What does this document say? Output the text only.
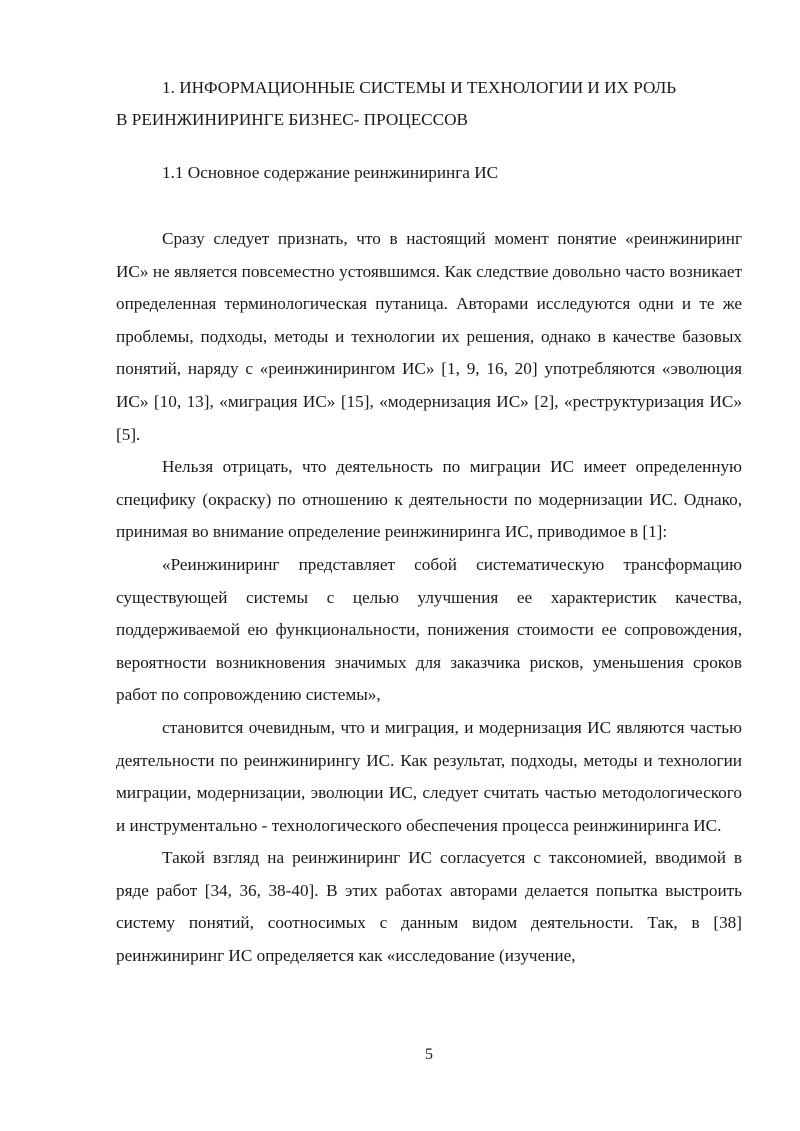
1. ИНФОРМАЦИОННЫЕ СИСТЕМЫ И ТЕХНОЛОГИИ И ИХ РОЛЬ
В РЕИНЖИНИРИНГЕ БИЗНЕС- ПРОЦЕССОВ
1.1 Основное содержание реинжиниринга ИС

Сразу следует признать, что в настоящий момент понятие «реинжиниринг ИС» не является повсеместно устоявшимся. Как следствие довольно часто возникает определенная терминологическая путаница. Авторами исследуются одни и те же проблемы, подходы, методы и технологии их решения, однако в качестве базовых понятий, наряду с «реинжинирингом ИС» [1, 9, 16, 20] употребляются «эволюция ИС» [10, 13], «миграция ИС» [15], «модернизация ИС» [2], «реструктуризация ИС» [5].

Нельзя отрицать, что деятельность по миграции ИС имеет определенную специфику (окраску) по отношению к деятельности по модернизации ИС. Однако, принимая во внимание определение реинжиниринга ИС, приводимое в [1]:

«Реинжиниринг представляет собой систематическую трансформацию существующей системы с целью улучшения ее характеристик качества, поддерживаемой ею функциональности, понижения стоимости ее сопровождения, вероятности возникновения значимых для заказчика рисков, уменьшения сроков работ по сопровождению системы»,

становится очевидным, что и миграция, и модернизация ИС являются частью деятельности по реинжинирингу ИС. Как результат, подходы, методы и технологии миграции, модернизации, эволюции ИС, следует считать частью методологического и инструментально - технологического обеспечения процесса реинжиниринга ИС.

Такой взгляд на реинжиниринг ИС согласуется с таксономией, вводимой в ряде работ [34, 36, 38-40]. В этих работах авторами делается попытка выстроить систему понятий, соотносимых с данным видом деятельности. Так, в [38] реинжиниринг ИС определяется как «исследование (изучение,

5
